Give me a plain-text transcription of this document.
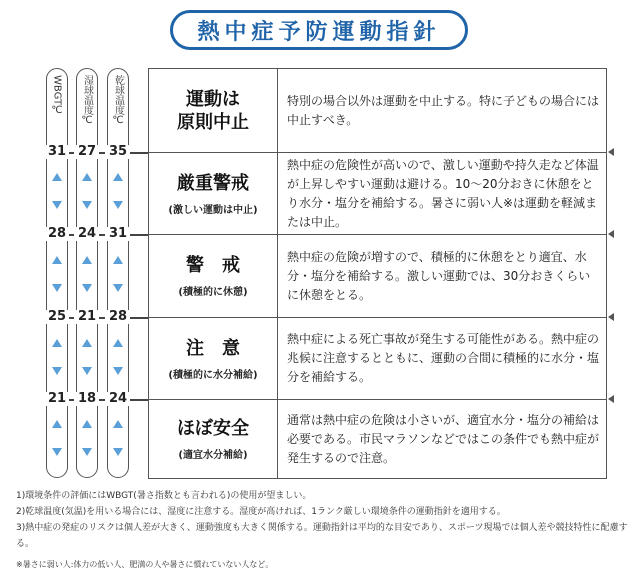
熱中症予防運動指針
WBGT
℃	湿球温度
℃
乾球温度
℃
31 27 35
28 24 31
25 21 28
21 18 24
運動は
原則中止
特別の場合以外は運動を中止する。特に子どもの場合には中止すべき。
厳重警戒
(激しい運動は中止)
熱中症の危険性が高いので、激しい運動や持久走など体温が上昇しやすい運動は避ける。10〜20分おきに休憩をとり水分・塩分を補給する。暑さに弱い人※は運動を軽減または中止。
警　戒
(積極的に休憩)
熱中症の危険が増すので、積極的に休憩をとり適宜、水分・塩分を補給する。激しい運動では、30分おきくらいに休憩をとる。
注　意
(積極的に水分補給)
熱中症による死亡事故が発生する可能性がある。熱中症の兆候に注意するとともに、運動の合間に積極的に水分・塩分を補給する。
ほぼ安全
(適宜水分補給)
通常は熱中症の危険は小さいが、適宜水分・塩分の補給は必要である。市民マラソンなどではこの条件でも熱中症が発生するので注意。
1)環境条件の評価にはWBGT(暑さ指数とも言われる)の使用が望ましい。
2)乾球温度(気温)を用いる場合には、湿度に注意する。湿度が高ければ、1ランク厳しい環境条件の運動指針を適用する。
3)熱中症の発症のリスクは個人差が大きく、運動強度も大きく関係する。運動指針は平均的な目安であり、スポーツ現場では個人差や競技特性に配慮する。
※暑さに弱い人:体力の低い人、肥満の人や暑さに慣れていない人など。
